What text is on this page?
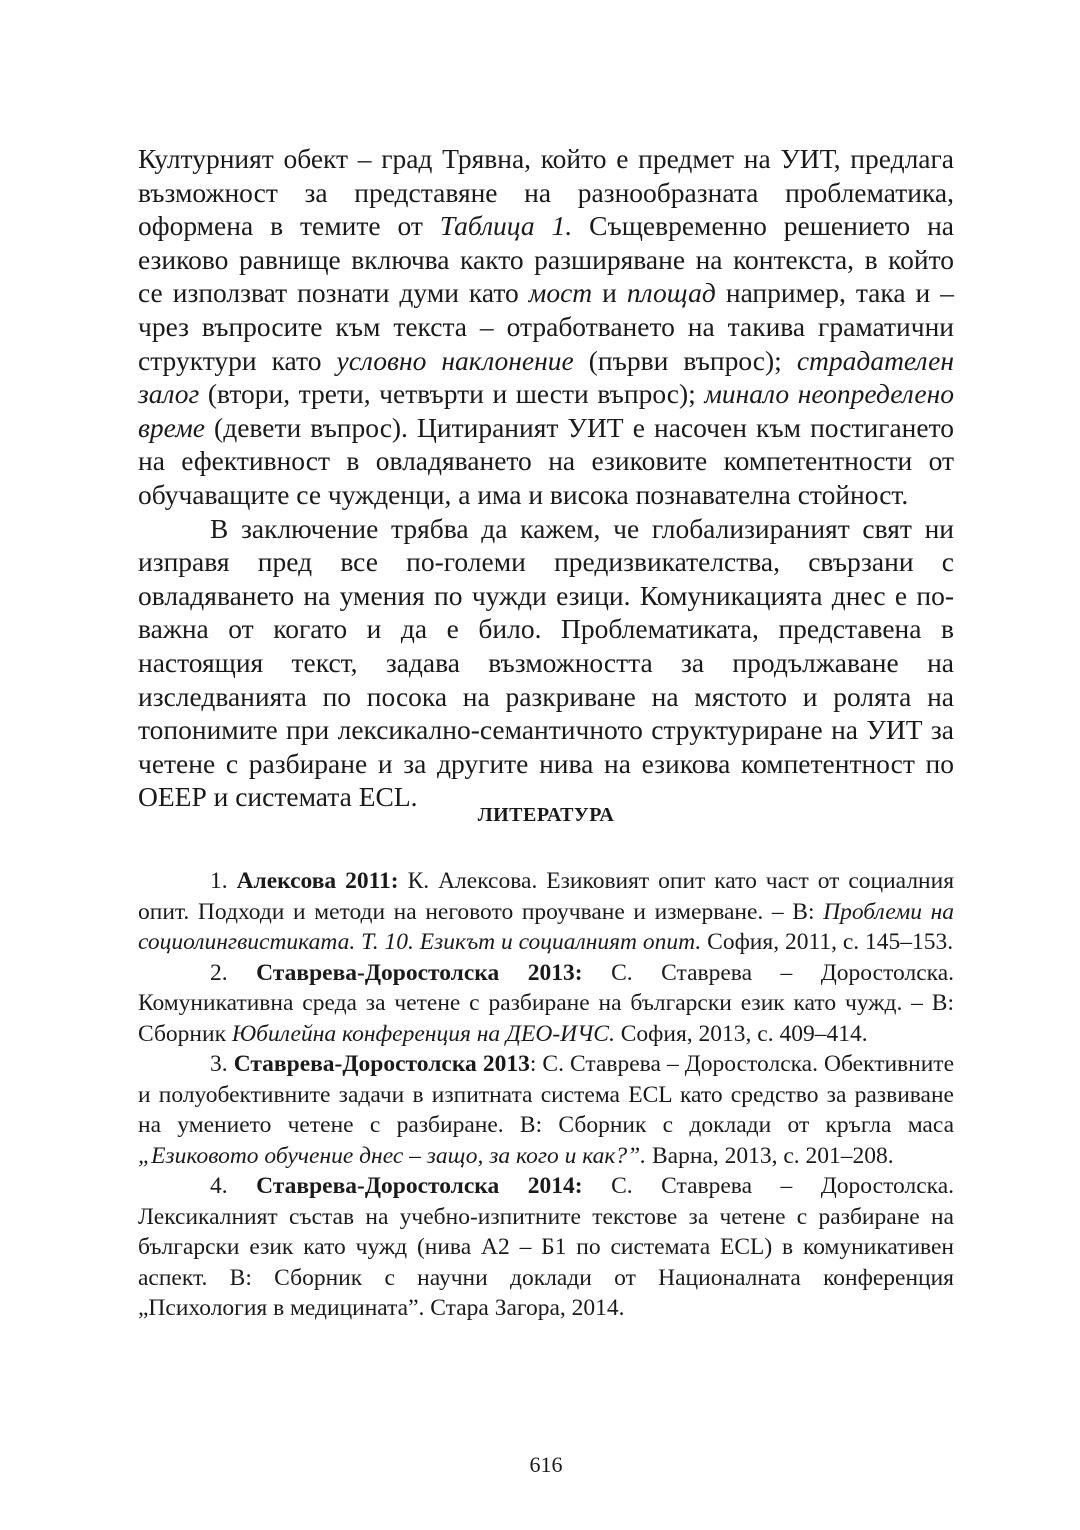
Културният обект – град Трявна, който е предмет на УИТ, предлага възможност за представяне на разнообразната проблематика, оформена в темите от Таблица 1. Същевременно решението на езиково равнище включва както разширяване на контекста, в който се използват познати думи като мост и площад например, така и – чрез въпросите към текста – отработването на такива граматични структури като условно наклонение (първи въпрос); страдателен залог (втори, трети, четвърти и шести въпрос); минало неопределено време (девети въпрос). Цитираният УИТ е насочен към постигането на ефективност в овладяването на езиковите компетентности от обучаващите се чужденци, а има и висока познавателна стойност.

В заключение трябва да кажем, че глобализираният свят ни изправя пред все по-големи предизвикателства, свързани с овладяването на умения по чужди езици. Комуникацията днес е по-важна от когато и да е било. Проблематиката, представена в настоящия текст, задава възможността за продължаване на изследванията по посока на разкриване на мястото и ролята на топонимите при лексикално-семантичното структуриране на УИТ за четене с разбиране и за другите нива на езикова компетентност по ОЕЕР и системата ECL.

ЛИТЕРАТУРА

1. Алексова 2011: К. Алексова. Езиковият опит като част от социалния опит. Подходи и методи на неговото проучване и измерване. – В: Проблеми на социолингвистиката. Т. 10. Езикът и социалният опит. София, 2011, с. 145–153.

2. Ставрева-Доростолска 2013: С. Ставрева – Доростолска. Комуникативна среда за четене с разбиране на български език като чужд. – В: Сборник Юбилейна конференция на ДЕО-ИЧС. София, 2013, с. 409–414.

3. Ставрева-Доростолска 2013: С. Ставрева – Доростолска. Обективните и полуобективните задачи в изпитната система ECL като средство за развиване на умението четене с разбиране. В: Сборник с доклади от кръгла маса „Езиковото обучение днес – защо, за кого и как?”. Варна, 2013, с. 201–208.

4. Ставрева-Доростолска 2014: С. Ставрева – Доростолска. Лексикалният състав на учебно-изпитните текстове за четене с разбиране на български език като чужд (нива А2 – Б1 по системата ECL) в комуникативен аспект. В: Сборник с научни доклади от Националната конференция „Психология в медицината”. Стара Загора, 2014.

616
